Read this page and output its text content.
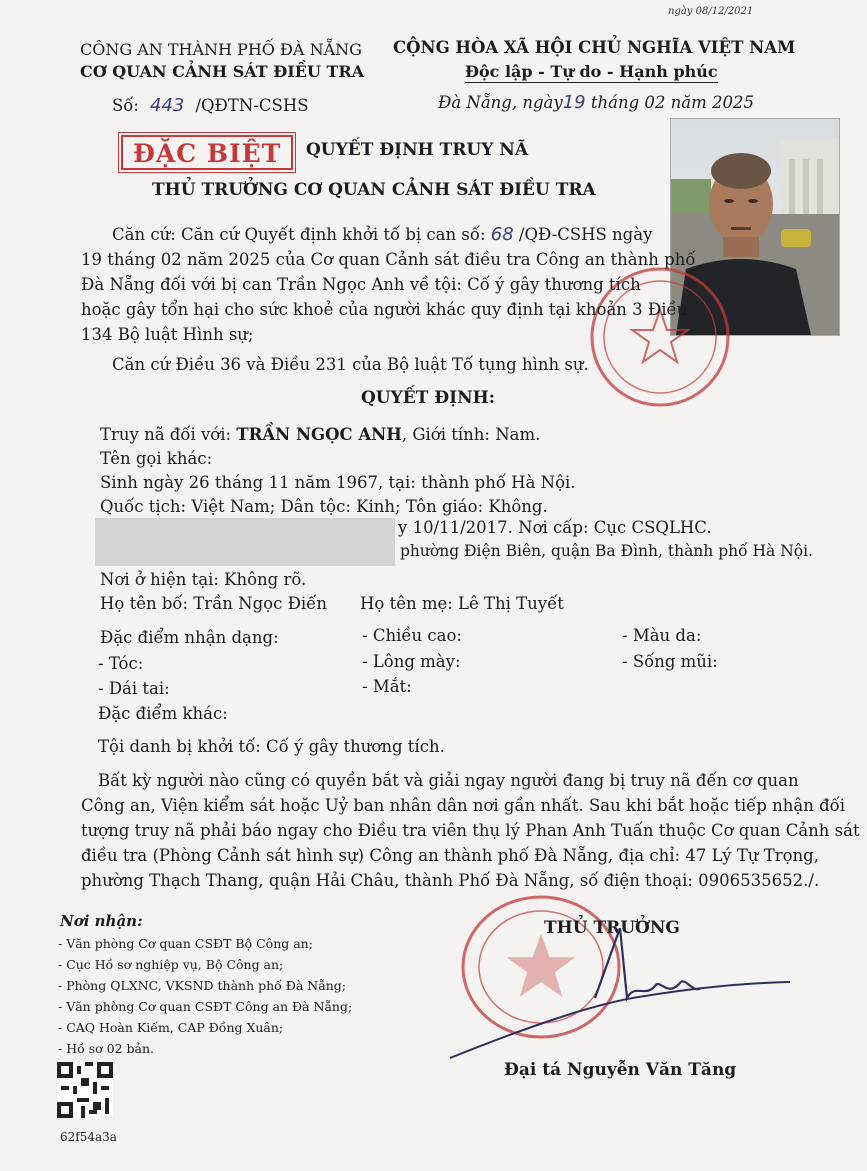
ngày 08/12/2021
CÔNG AN THÀNH PHỐ ĐÀ NẴNG
CƠ QUAN CẢNH SÁT ĐIỀU TRA
CỘNG HÒA XÃ HỘI CHỦ NGHĨA VIỆT NAM
Độc lập - Tự do - Hạnh phúc
Số: 443 /QĐTN-CSHS	Đà Nẵng, ngày19 tháng 02 năm 2025
ĐẶC BIỆT	QUYẾT ĐỊNH TRUY NÃ
THỦ TRƯỞNG CƠ QUAN CẢNH SÁT ĐIỀU TRA
Căn cứ: Căn cứ Quyết định khởi tố bị can số: 68 /QĐ-CSHS ngày
19 tháng 02 năm 2025 của Cơ quan Cảnh sát điều tra Công an thành phố
Đà Nẵng đối với bị can Trần Ngọc Anh về tội: Cố ý gây thương tích
hoặc gây tổn hại cho sức khoẻ của người khác quy định tại khoản 3 Điều
134 Bộ luật Hình sự;
Căn cứ Điều 36 và Điều 231 của Bộ luật Tố tụng hình sự.
QUYẾT ĐỊNH:
Truy nã đối với: TRẦN NGỌC ANH, Giới tính: Nam.
Tên gọi khác:
Sinh ngày 26 tháng 11 năm 1967, tại: thành phố Hà Nội.
Quốc tịch: Việt Nam; Dân tộc: Kinh; Tôn giáo: Không.
y 10/11/2017. Nơi cấp: Cục CSQLHC.
phường Điện Biên, quận Ba Đình, thành phố Hà Nội.
Nơi ở hiện tại: Không rõ.
Họ tên bố: Trần Ngọc Điến Họ tên mẹ: Lê Thị Tuyết
Đặc điểm nhận dạng:	- Chiều cao:	- Màu da:
- Tóc:	- Lông mày:	- Sống mũi:
- Dái tai:	- Mắt:
Đặc điểm khác:
Tội danh bị khởi tố: Cố ý gây thương tích.
Bất kỳ người nào cũng có quyền bắt và giải ngay người đang bị truy nã đến cơ quan
Công an, Viện kiểm sát hoặc Uỷ ban nhân dân nơi gần nhất. Sau khi bắt hoặc tiếp nhận đối
tượng truy nã phải báo ngay cho Điều tra viên thụ lý Phan Anh Tuấn thuộc Cơ quan Cảnh sát
điều tra (Phòng Cảnh sát hình sự) Công an thành phố Đà Nẵng, địa chỉ: 47 Lý Tự Trọng,
phường Thạch Thang, quận Hải Châu, thành Phố Đà Nẵng, số điện thoại: 0906535652./.
Nơi nhận:
- Văn phòng Cơ quan CSĐT Bộ Công an;
- Cục Hồ sơ nghiệp vụ, Bộ Công an;
- Phòng QLXNC, VKSND thành phố Đà Nẵng;
- Văn phòng Cơ quan CSĐT Công an Đà Nẵng;
- CAQ Hoàn Kiếm, CAP Đồng Xuân;
- Hồ sơ 02 bản.
62f54a3a
THỦ TRƯỞNG
Đại tá Nguyễn Văn Tăng
